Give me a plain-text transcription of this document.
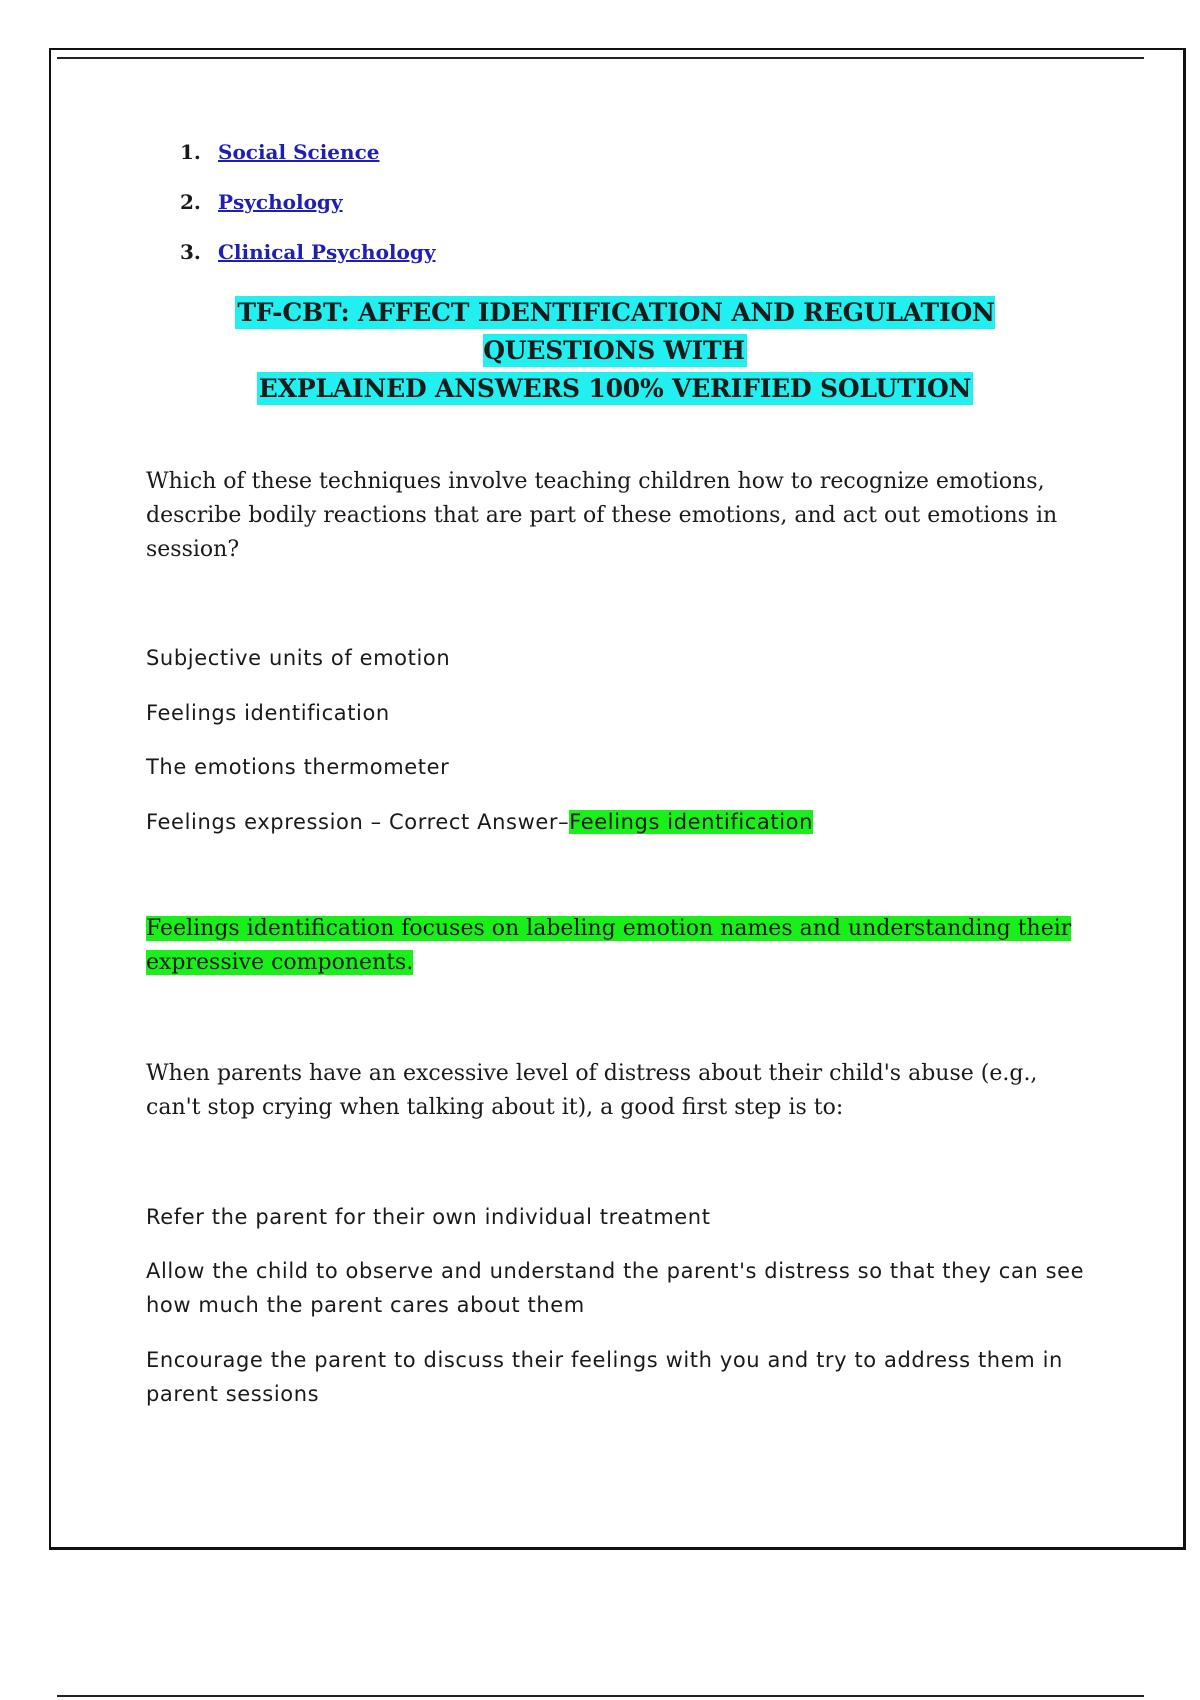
1. Social Science
2. Psychology
3. Clinical Psychology
TF-CBT: AFFECT IDENTIFICATION AND REGULATION QUESTIONS WITH
EXPLAINED ANSWERS 100% VERIFIED SOLUTION

Which of these techniques involve teaching children how to recognize emotions, describe bodily reactions that are part of these emotions, and act out emotions in session?

Subjective units of emotion

Feelings identification

The emotions thermometer

Feelings expression – Correct Answer–Feelings identification

Feelings identification focuses on labeling emotion names and understanding their expressive components.

When parents have an excessive level of distress about their child's abuse (e.g., can't stop crying when talking about it), a good first step is to:

Refer the parent for their own individual treatment

Allow the child to observe and understand the parent's distress so that they can see how much the parent cares about them

Encourage the parent to discuss their feelings with you and try to address them in parent sessions
